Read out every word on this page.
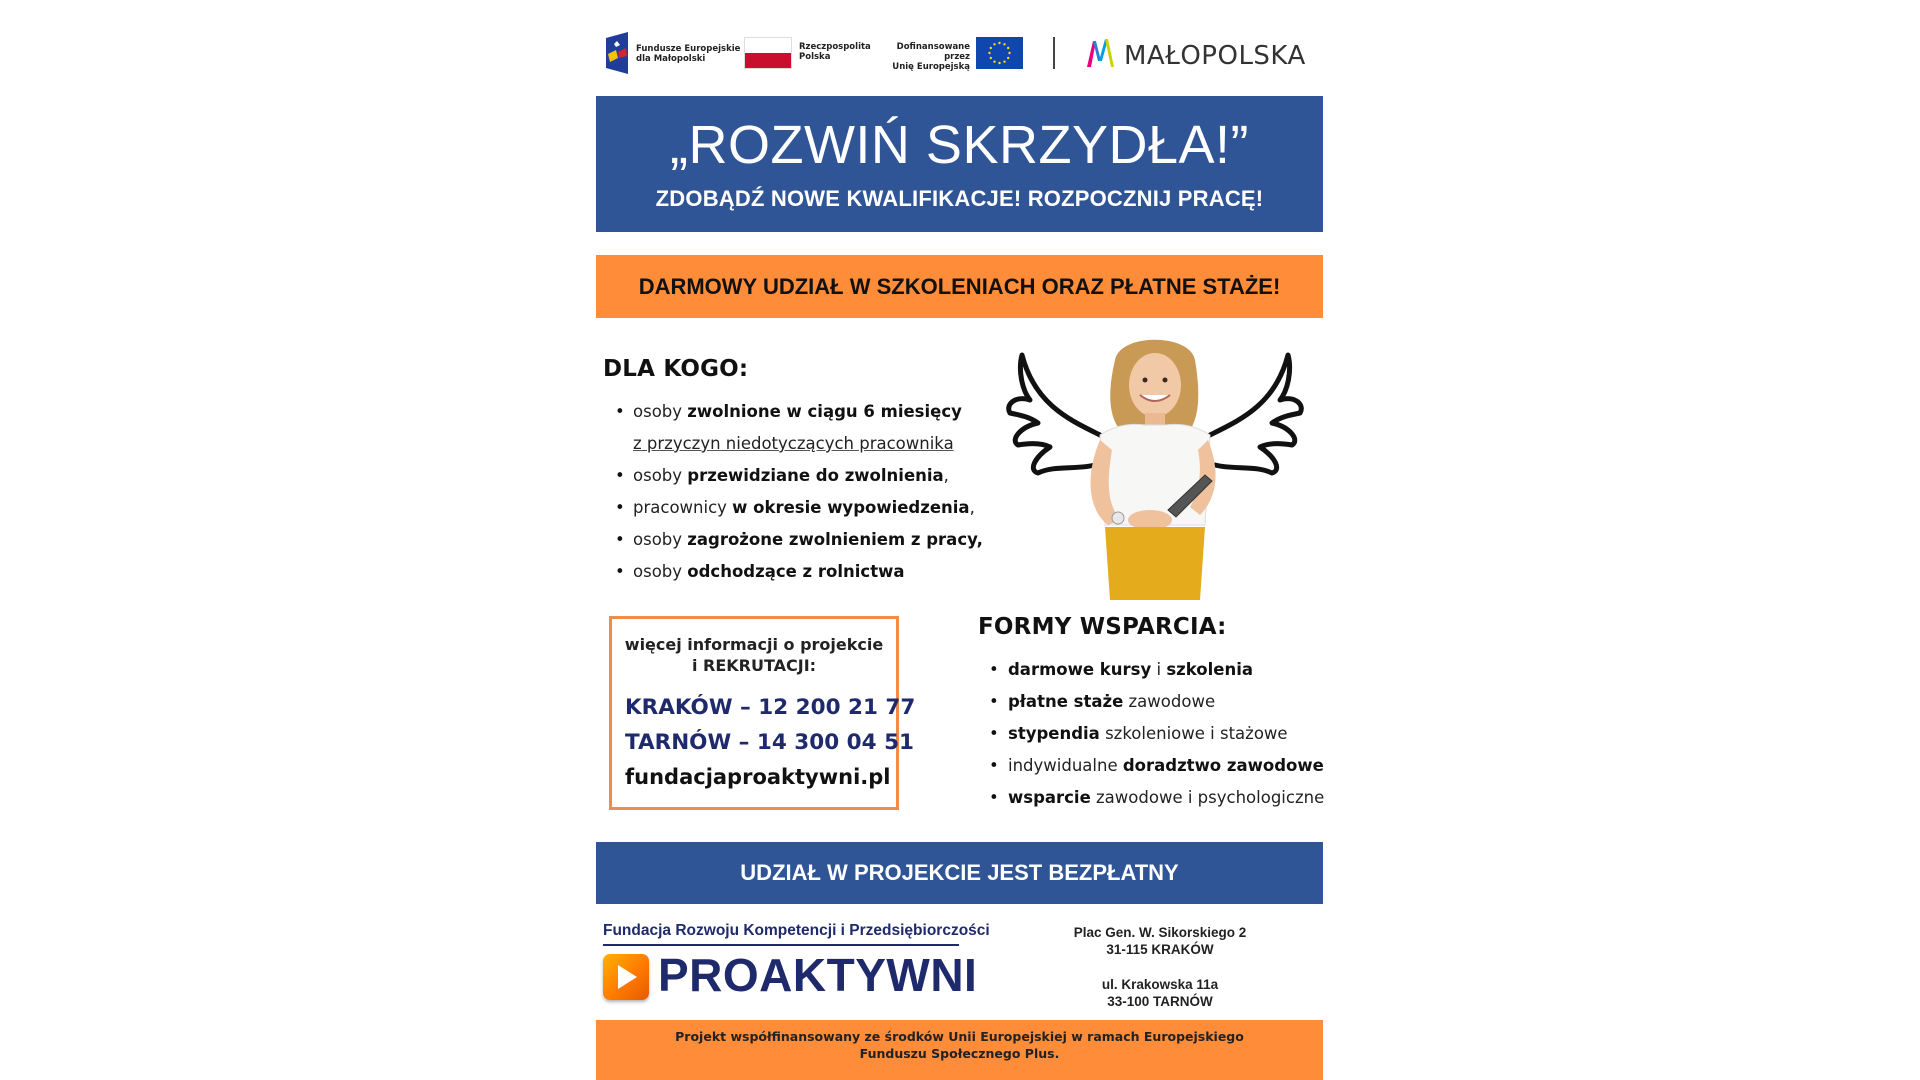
Fundusze Europejskie
dla Małopolski
Rzeczpospolita
Polska
Dofinansowane przez
Unię Europejską	MAŁOPOLSKA
„ROZWIŃ SKRZYDŁA!”
ZDOBĄDŹ NOWE KWALIFIKACJE! ROZPOCZNIJ PRACĘ!
DARMOWY UDZIAŁ W SZKOLENIACH ORAZ PŁATNE STAŻE!
DLA KOGO:
• osoby zwolnione w ciągu 6 miesięcy
z przyczyn niedotyczących pracownika
• osoby przewidziane do zwolnienia,
• pracownicy w okresie wypowiedzenia,
• osoby zagrożone zwolnieniem z pracy,
• osoby odchodzące z rolnictwa
więcej informacji o projekcie
i REKRUTACJI:
KRAKÓW – 12 200 21 77
TARNÓW – 14 300 04 51
fundacjaproaktywni.pl
FORMY WSPARCIA:
• darmowe kursy i szkolenia
• płatne staże zawodowe
• stypendia szkoleniowe i stażowe
• indywidualne doradztwo zawodowe
• wsparcie zawodowe i psychologiczne
UDZIAŁ W PROJEKCIE JEST BEZPŁATNY
Fundacja Rozwoju Kompetencji i Przedsiębiorczości
PROAKTYWNI
Plac Gen. W. Sikorskiego 2
31-115 KRAKÓW
ul. Krakowska 11a
33-100 TARNÓW
Projekt współfinansowany ze środków Unii Europejskiej w ramach Europejskiego
Funduszu Społecznego Plus.
